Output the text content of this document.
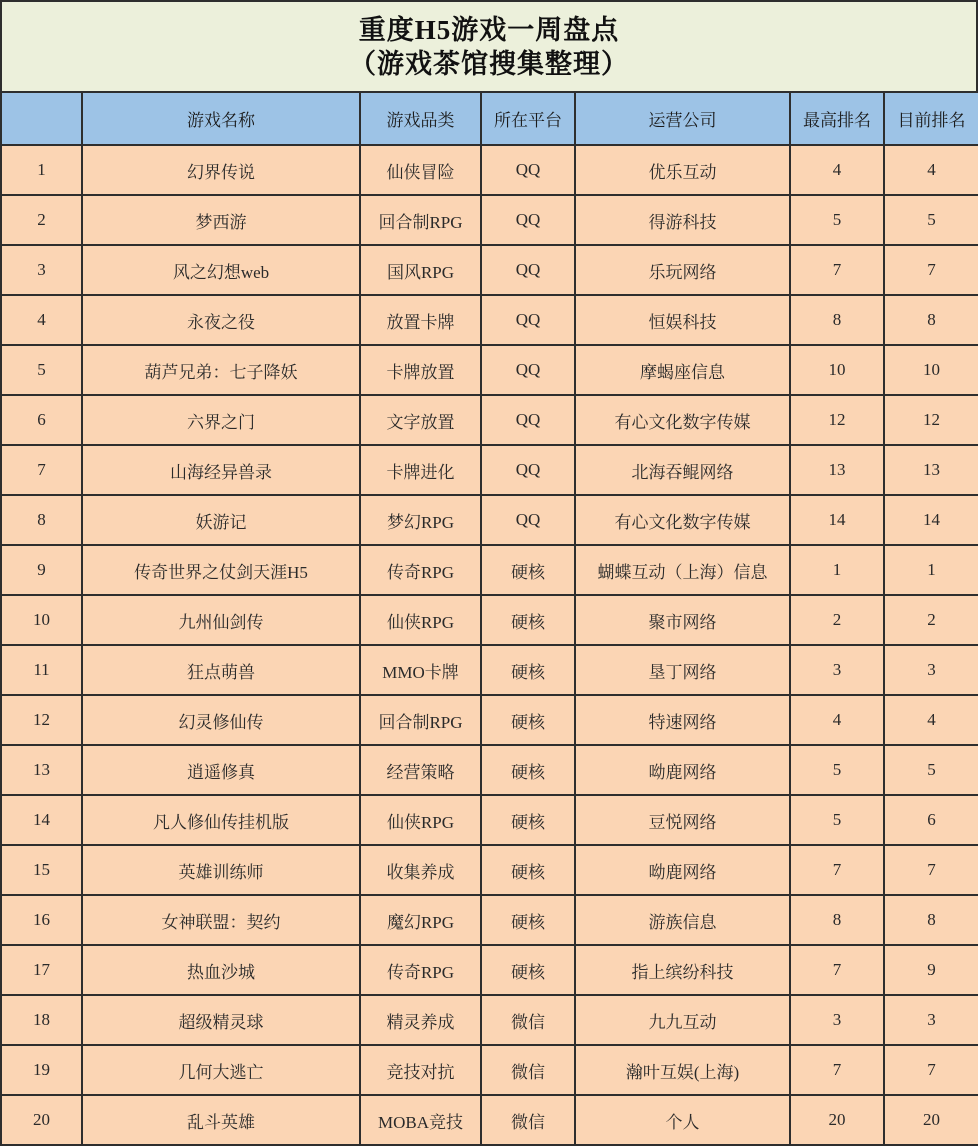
重度H5游戏一周盘点
（游戏茶馆搜集整理）
	游戏名称	游戏品类	所在平台	运营公司	最高排名	目前排名
1	幻界传说	仙侠冒险	QQ	优乐互动	4	4
2	梦西游	回合制RPG	QQ	得游科技	5	5
3	风之幻想web	国风RPG	QQ	乐玩网络	7	7
4	永夜之役	放置卡牌	QQ	恒娱科技	8	8
5	葫芦兄弟：七子降妖	卡牌放置	QQ	摩蝎座信息	10	10
6	六界之门	文字放置	QQ	有心文化数字传媒	12	12
7	山海经异兽录	卡牌进化	QQ	北海吞鲲网络	13	13
8	妖游记	梦幻RPG	QQ	有心文化数字传媒	14	14
9	传奇世界之仗剑天涯H5	传奇RPG	硬核	蝴蝶互动（上海）信息	1	1
10	九州仙剑传	仙侠RPG	硬核	聚市网络	2	2
11	狂点萌兽	MMO卡牌	硬核	垦丁网络	3	3
12	幻灵修仙传	回合制RPG	硬核	特速网络	4	4
13	逍遥修真	经营策略	硬核	呦鹿网络	5	5
14	凡人修仙传挂机版	仙侠RPG	硬核	豆悦网络	5	6
15	英雄训练师	收集养成	硬核	呦鹿网络	7	7
16	女神联盟：契约	魔幻RPG	硬核	游族信息	8	8
17	热血沙城	传奇RPG	硬核	指上缤纷科技	7	9
18	超级精灵球	精灵养成	微信	九九互动	3	3
19	几何大逃亡	竞技对抗	微信	瀚叶互娱(上海)	7	7
20	乱斗英雄	MOBA竞技	微信	个人	20	20
